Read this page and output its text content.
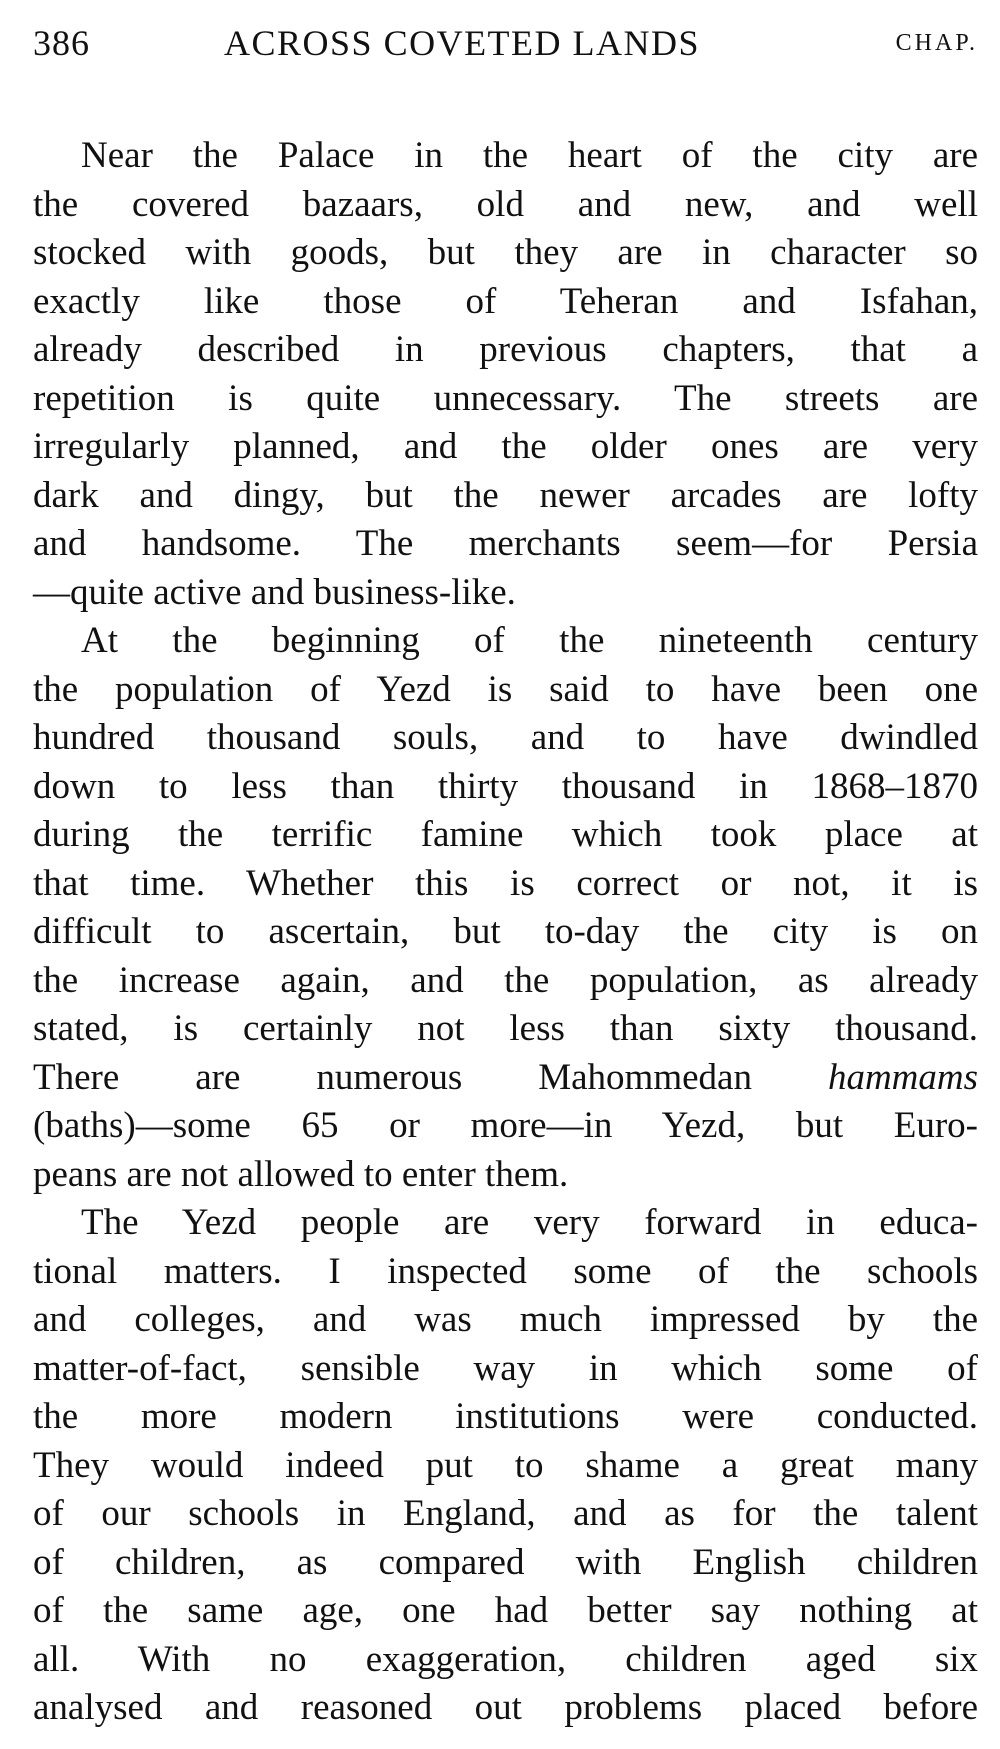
386	ACROSS COVETED LANDS	CHAP.

Near the Palace in the heart of the city are
the covered bazaars, old and new, and well
stocked with goods, but they are in character so
exactly like those of Teheran and Isfahan,
already described in previous chapters, that a
repetition is quite unnecessary. The streets are
irregularly planned, and the older ones are very
dark and dingy, but the newer arcades are lofty
and handsome. The merchants seem—for Persia
—quite active and business-like.

At the beginning of the nineteenth century
the population of Yezd is said to have been one
hundred thousand souls, and to have dwindled
down to less than thirty thousand in 1868–1870
during the terrific famine which took place at
that time. Whether this is correct or not, it is
difficult to ascertain, but to-day the city is on
the increase again, and the population, as already
stated, is certainly not less than sixty thousand.
There are numerous Mahommedan hammams
(baths)—some 65 or more—in Yezd, but Euro-
peans are not allowed to enter them.

The Yezd people are very forward in educa-
tional matters. I inspected some of the schools
and colleges, and was much impressed by the
matter-of-fact, sensible way in which some of
the more modern institutions were conducted.
They would indeed put to shame a great many
of our schools in England, and as for the talent
of children, as compared with English children
of the same age, one had better say nothing at
all. With no exaggeration, children aged six
analysed and reasoned out problems placed before
